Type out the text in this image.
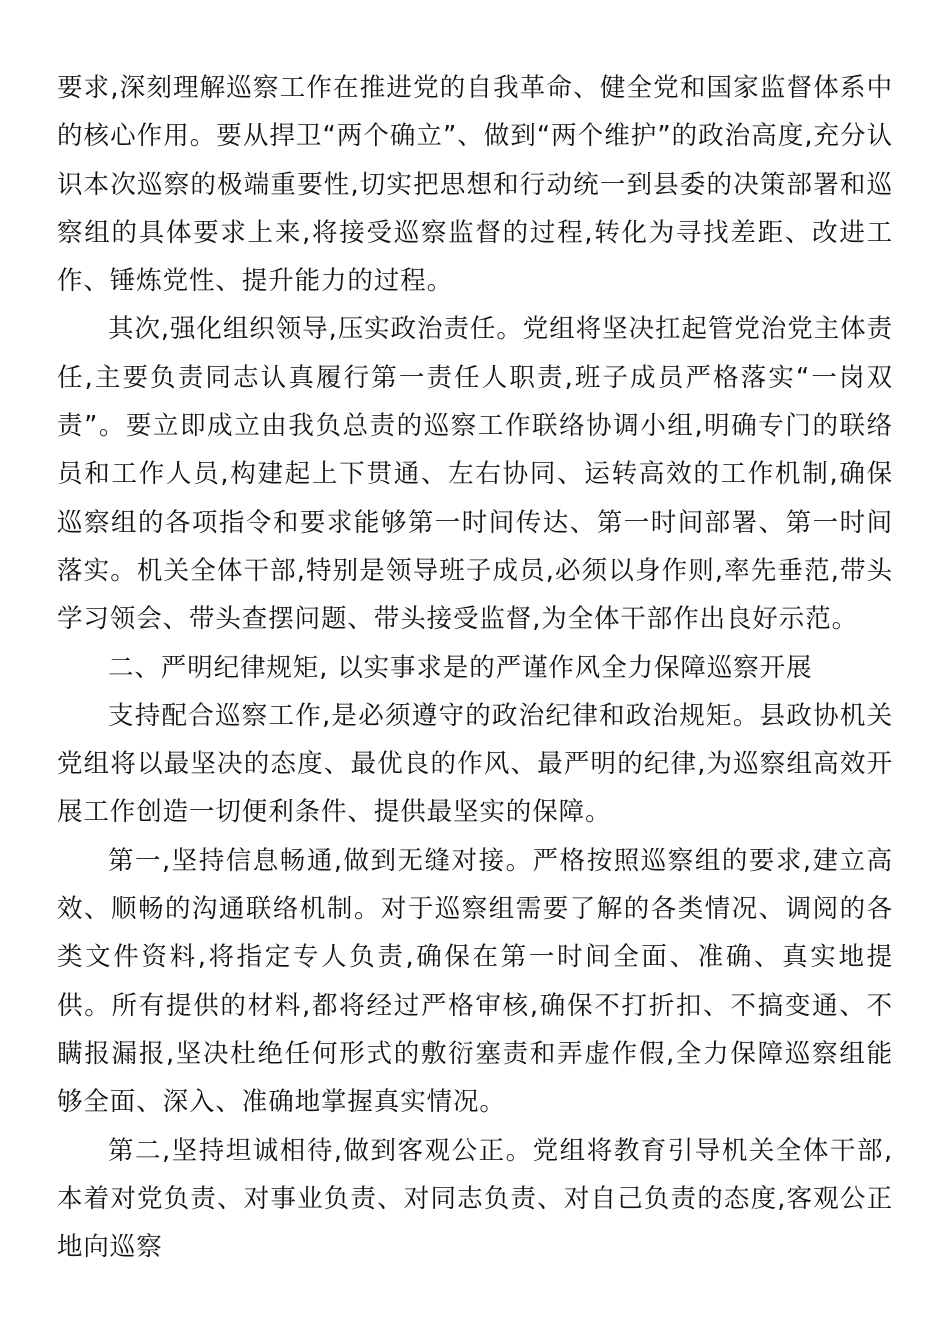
要求,深刻理解巡察工作在推进党的自我革命、健全党和国家监督体系中的核心作用。要从捍卫“两个确立”、做到“两个维护”的政治高度,充分认识本次巡察的极端重要性,切实把思想和行动统一到县委的决策部署和巡察组的具体要求上来,将接受巡察监督的过程,转化为寻找差距、改进工作、锤炼党性、提升能力的过程。

其次,强化组织领导,压实政治责任。党组将坚决扛起管党治党主体责任,主要负责同志认真履行第一责任人职责,班子成员严格落实“一岗双责”。要立即成立由我负总责的巡察工作联络协调小组,明确专门的联络员和工作人员,构建起上下贯通、左右协同、运转高效的工作机制,确保巡察组的各项指令和要求能够第一时间传达、第一时间部署、第一时间落实。机关全体干部,特别是领导班子成员,必须以身作则,率先垂范,带头学习领会、带头查摆问题、带头接受监督,为全体干部作出良好示范。

二、严明纪律规矩, 以实事求是的严谨作风全力保障巡察开展

支持配合巡察工作,是必须遵守的政治纪律和政治规矩。县政协机关党组将以最坚决的态度、最优良的作风、最严明的纪律,为巡察组高效开展工作创造一切便利条件、提供最坚实的保障。

第一,坚持信息畅通,做到无缝对接。严格按照巡察组的要求,建立高效、顺畅的沟通联络机制。对于巡察组需要了解的各类情况、调阅的各类文件资料,将指定专人负责,确保在第一时间全面、准确、真实地提供。所有提供的材料,都将经过严格审核,确保不打折扣、不搞变通、不瞒报漏报,坚决杜绝任何形式的敷衍塞责和弄虚作假,全力保障巡察组能够全面、深入、准确地掌握真实情况。

第二,坚持坦诚相待,做到客观公正。党组将教育引导机关全体干部,本着对党负责、对事业负责、对同志负责、对自己负责的态度,客观公正地向巡察
